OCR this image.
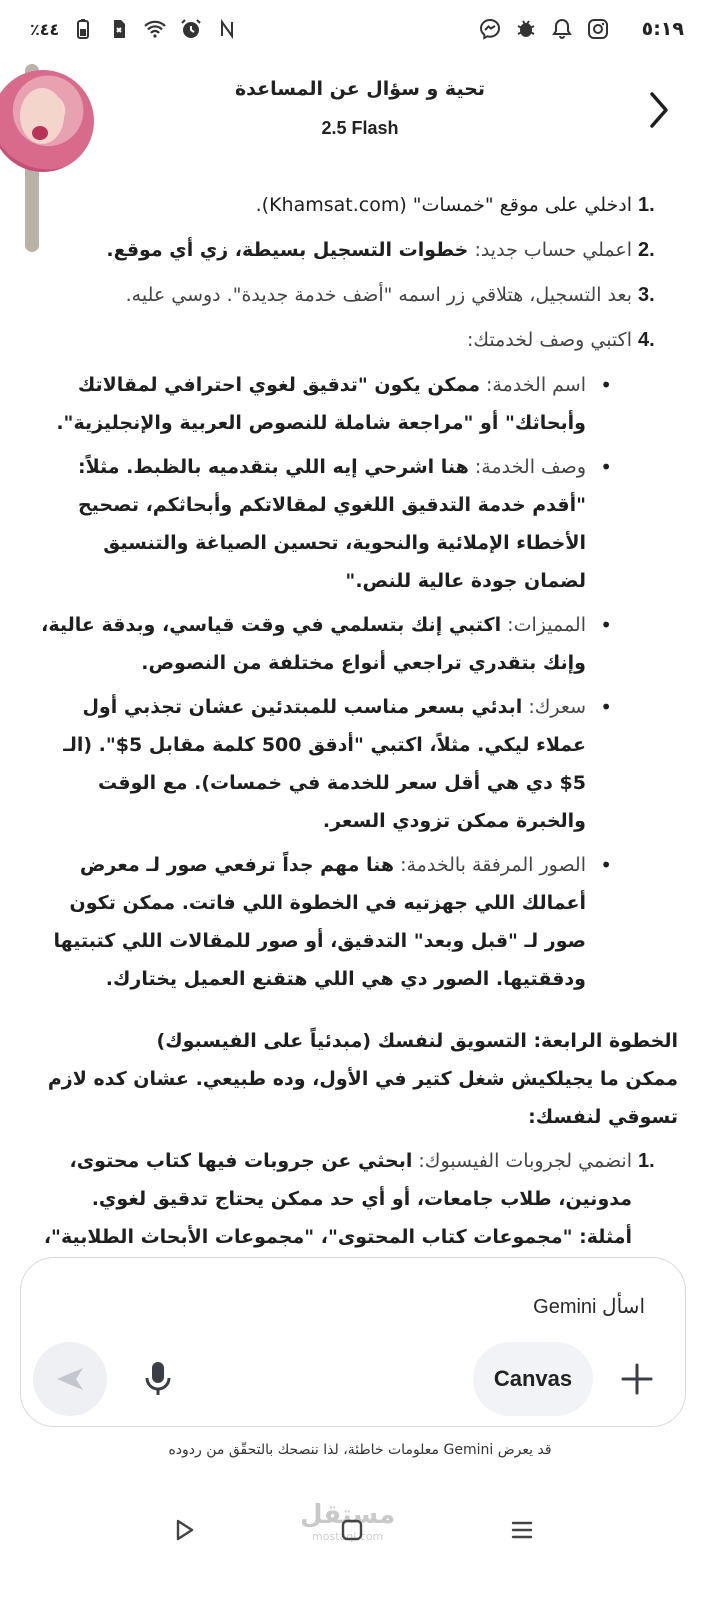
٥:١٩
٪٤٤
تحية و سؤال عن المساعدة
2.5 Flash
1.
ادخلي على موقع "خمسات" (Khamsat.com).
2.
اعملي حساب جديد: خطوات التسجيل بسيطة، زي أي موقع.
3.
بعد التسجيل، هتلاقي زر اسمه "أضف خدمة جديدة". دوسي عليه.
4.
اكتبي وصف لخدمتك:
• اسم الخدمة: ممكن يكون "تدقيق لغوي احترافي لمقالاتك وأبحاثك" أو "مراجعة شاملة للنصوص العربية والإنجليزية".
• وصف الخدمة: هنا اشرحي إيه اللي بتقدميه بالظبط. مثلاً: "أقدم خدمة التدقيق اللغوي لمقالاتكم وأبحاثكم، تصحيح الأخطاء الإملائية والنحوية، تحسين الصياغة والتنسيق لضمان جودة عالية للنص."
• المميزات: اكتبي إنك بتسلمي في وقت قياسي، وبدقة عالية، وإنك بتقدري تراجعي أنواع مختلفة من النصوص.
• سعرك: ابدئي بسعر مناسب للمبتدئين عشان تجذبي أول عملاء ليكي. مثلاً، اكتبي "أدقق 500 كلمة مقابل 5$". (الـ 5$ دي هي أقل سعر للخدمة في خمسات). مع الوقت والخبرة ممكن تزودي السعر.
• الصور المرفقة بالخدمة: هنا مهم جداً ترفعي صور لـ معرض أعمالك اللي جهزتيه في الخطوة اللي فاتت. ممكن تكون صور لـ "قبل وبعد" التدقيق، أو صور للمقالات اللي كتبتيها ودققتيها. الصور دي هي اللي هتقنع العميل يختارك.
الخطوة الرابعة: التسويق لنفسك (مبدئياً على الفيسبوك)
ممكن ما يجيلكيش شغل كتير في الأول، وده طبيعي. عشان كده لازم تسوقي لنفسك:
1.
انضمي لجروبات الفيسبوك: ابحثي عن جروبات فيها كتاب محتوى، مدونين، طلاب جامعات، أو أي حد ممكن يحتاج تدقيق لغوي. أمثلة: "مجموعات كتاب المحتوى"، "مجموعات الأبحاث الطلابية"،
اسأل Gemini
Canvas
قد يعرض Gemini معلومات خاطئة، لذا ننصحك بالتحقّق من ردوده
مستقل
mostaql.com
